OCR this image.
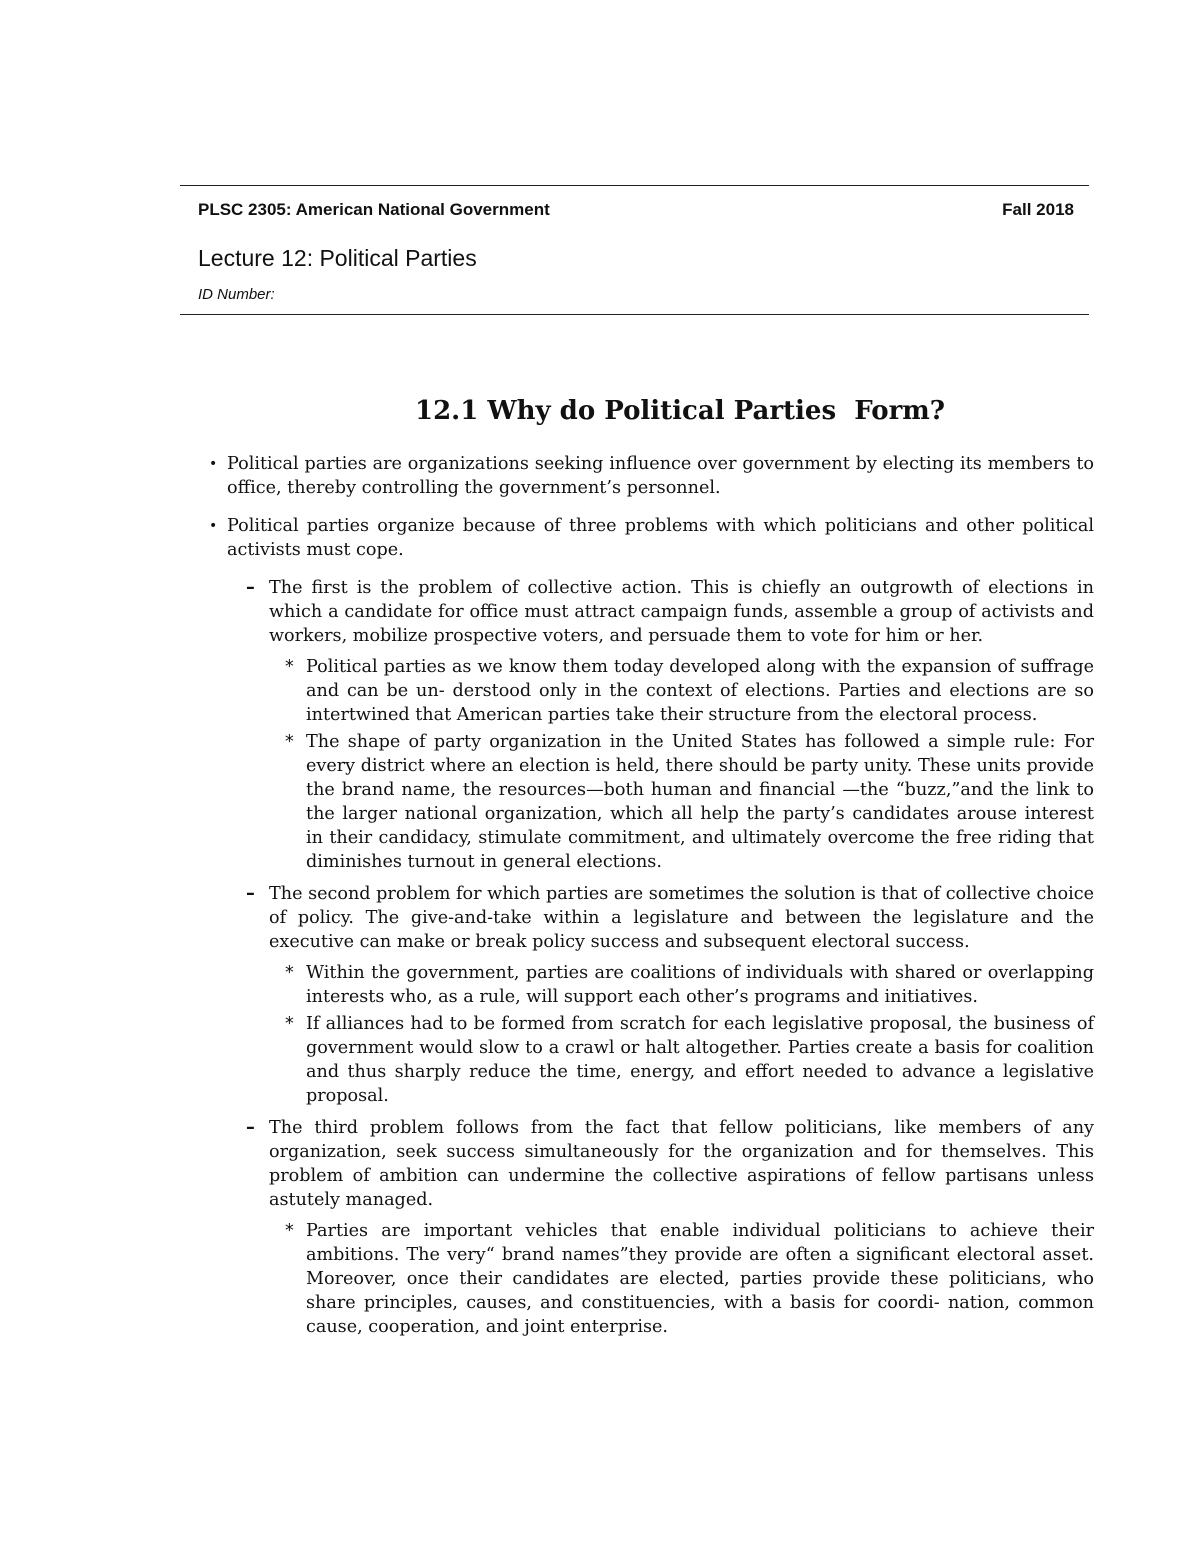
PLSC 2305: American National Government	Fall 2018
Lecture 12: Political Parties
ID Number:
12.1 Why do Political Parties  Form?
• Political parties are organizations seeking influence over government by electing its members to office, thereby controlling the government’s personnel.
• Political parties organize because of three problems with which politicians and other political activists must cope.
– The first is the problem of collective action. This is chiefly an outgrowth of elections in which a candidate for office must attract campaign funds, assemble a group of activists and workers, mobilize prospective voters, and persuade them to vote for him or her.
* Political parties as we know them today developed along with the expansion of suffrage and can be un- derstood only in the context of elections. Parties and elections are so intertwined that American parties take their structure from the electoral process.
* The shape of party organization in the United States has followed a simple rule: For every district where an election is held, there should be party unity. These units provide the brand name, the resources—both human and financial —the “buzz,”and the link to the larger national organization, which all help the party’s candidates arouse interest in their candidacy, stimulate commitment, and ultimately overcome the free riding that diminishes turnout in general elections.
– The second problem for which parties are sometimes the solution is that of collective choice of policy. The give-and-take within a legislature and between the legislature and the executive can make or break policy success and subsequent electoral success.
* Within the government, parties are coalitions of individuals with shared or overlapping interests who, as a rule, will support each other’s programs and initiatives.
* If alliances had to be formed from scratch for each legislative proposal, the business of government would slow to a crawl or halt altogether. Parties create a basis for coalition and thus sharply reduce the time, energy, and effort needed to advance a legislative proposal.
– The third problem follows from the fact that fellow politicians, like members of any organization, seek success simultaneously for the organization and for themselves. This problem of ambition can undermine the collective aspirations of fellow partisans unless astutely managed.
* Parties are important vehicles that enable individual politicians to achieve their ambitions. The very“ brand names”they provide are often a significant electoral asset. Moreover, once their candidates are elected, parties provide these politicians, who share principles, causes, and constituencies, with a basis for coordi- nation, common cause, cooperation, and joint enterprise.
